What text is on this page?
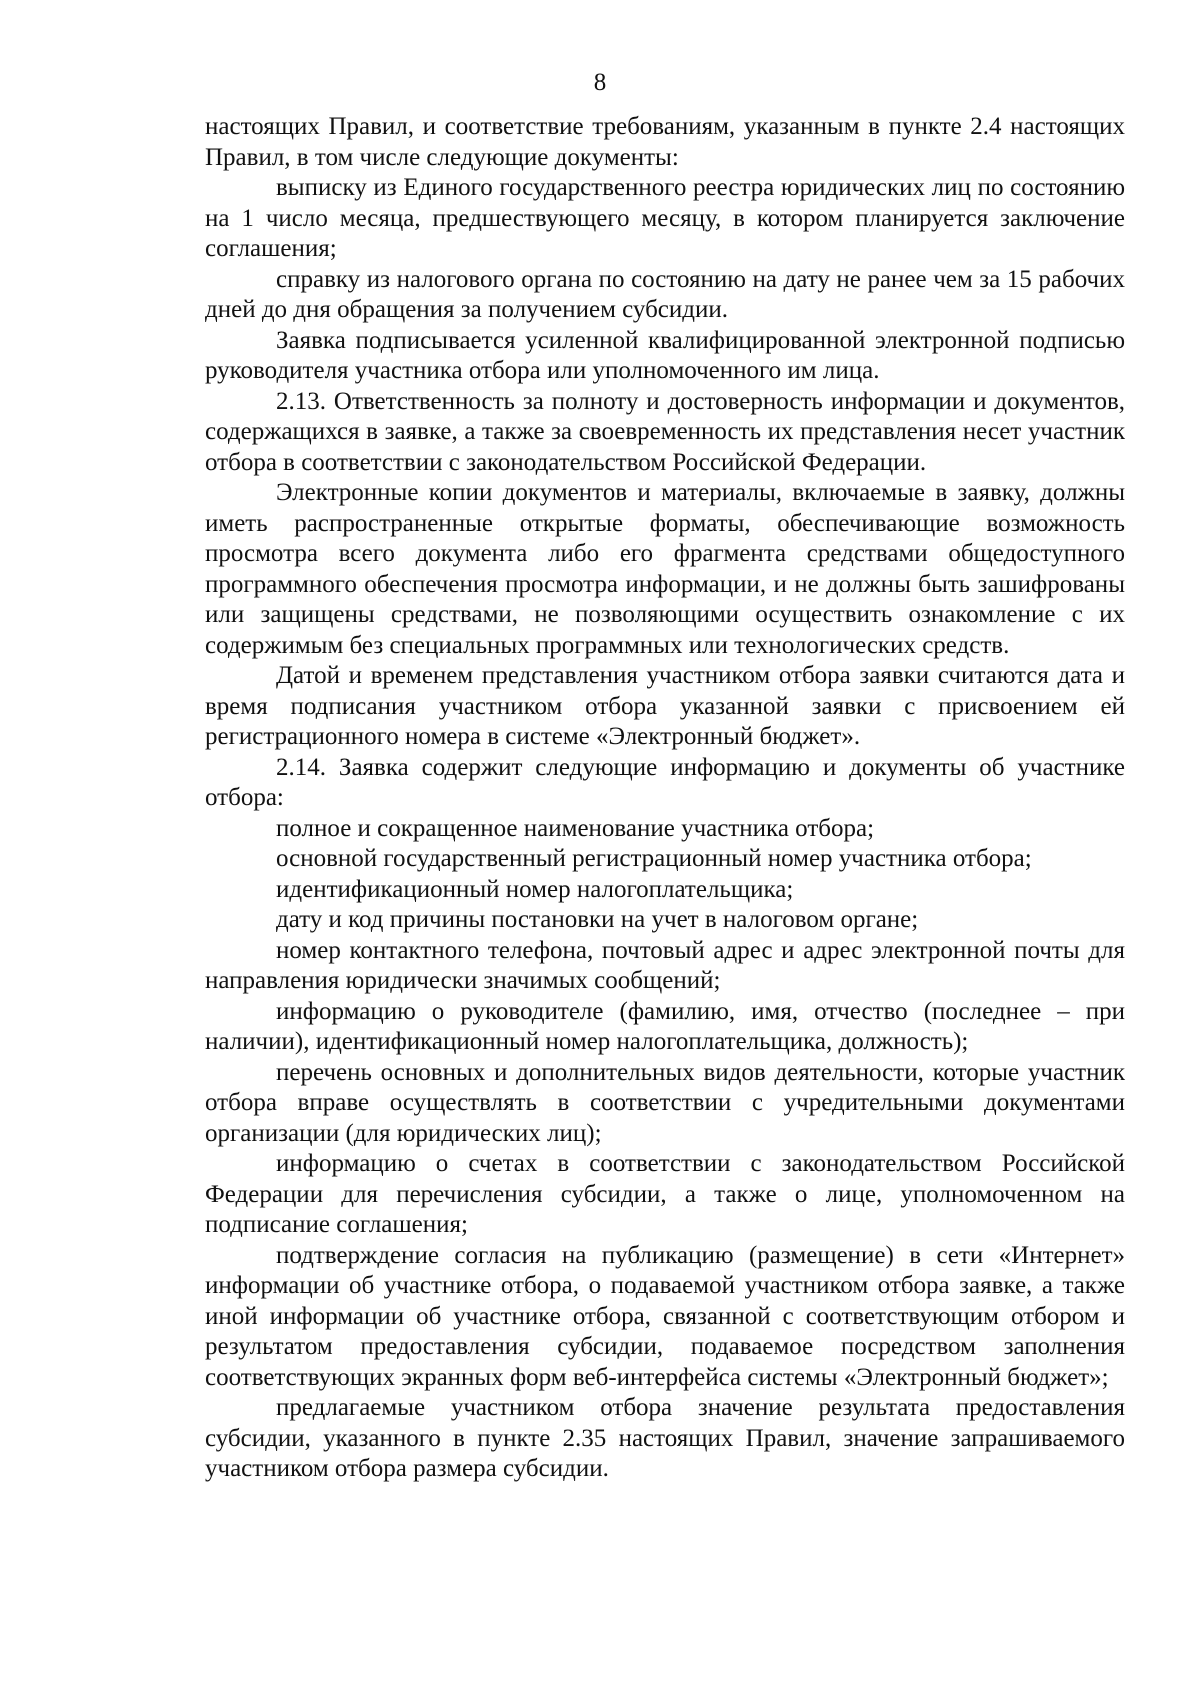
8

настоящих Правил, и соответствие требованиям, указанным в пункте 2.4 настоящих Правил, в том числе следующие документы:

выписку из Единого государственного реестра юридических лиц по состоянию на 1 число месяца, предшествующего месяцу, в котором планируется заключение соглашения;

справку из налогового органа по состоянию на дату не ранее чем за 15 рабочих дней до дня обращения за получением субсидии.

Заявка подписывается усиленной квалифицированной электронной подписью руководителя участника отбора или уполномоченного им лица.

2.13. Ответственность за полноту и достоверность информации и документов, содержащихся в заявке, а также за своевременность их представления несет участник отбора в соответствии с законодательством Российской Федерации.

Электронные копии документов и материалы, включаемые в заявку, должны иметь распространенные открытые форматы, обеспечивающие возможность просмотра всего документа либо его фрагмента средствами общедоступного программного обеспечения просмотра информации, и не должны быть зашифрованы или защищены средствами, не позволяющими осуществить ознакомление с их содержимым без специальных программных или технологических средств.

Датой и временем представления участником отбора заявки считаются дата и время подписания участником отбора указанной заявки с присвоением ей регистрационного номера в системе «Электронный бюджет».

2.14. Заявка содержит следующие информацию и документы об участнике отбора:

полное и сокращенное наименование участника отбора;

основной государственный регистрационный номер участника отбора;

идентификационный номер налогоплательщика;

дату и код причины постановки на учет в налоговом органе;

номер контактного телефона, почтовый адрес и адрес электронной почты для направления юридически значимых сообщений;

информацию о руководителе (фамилию, имя, отчество (последнее – при наличии), идентификационный номер налогоплательщика, должность);

перечень основных и дополнительных видов деятельности, которые участник отбора вправе осуществлять в соответствии с учредительными документами организации (для юридических лиц);

информацию о счетах в соответствии с законодательством Российской Федерации для перечисления субсидии, а также о лице, уполномоченном на подписание соглашения;

подтверждение согласия на публикацию (размещение) в сети «Интернет» информации об участнике отбора, о подаваемой участником отбора заявке, а также иной информации об участнике отбора, связанной с соответствующим отбором и результатом предоставления субсидии, подаваемое посредством заполнения соответствующих экранных форм веб-интерфейса системы «Электронный бюджет»;

предлагаемые участником отбора значение результата предоставления субсидии, указанного в пункте 2.35 настоящих Правил, значение запрашиваемого участником отбора размера субсидии.
